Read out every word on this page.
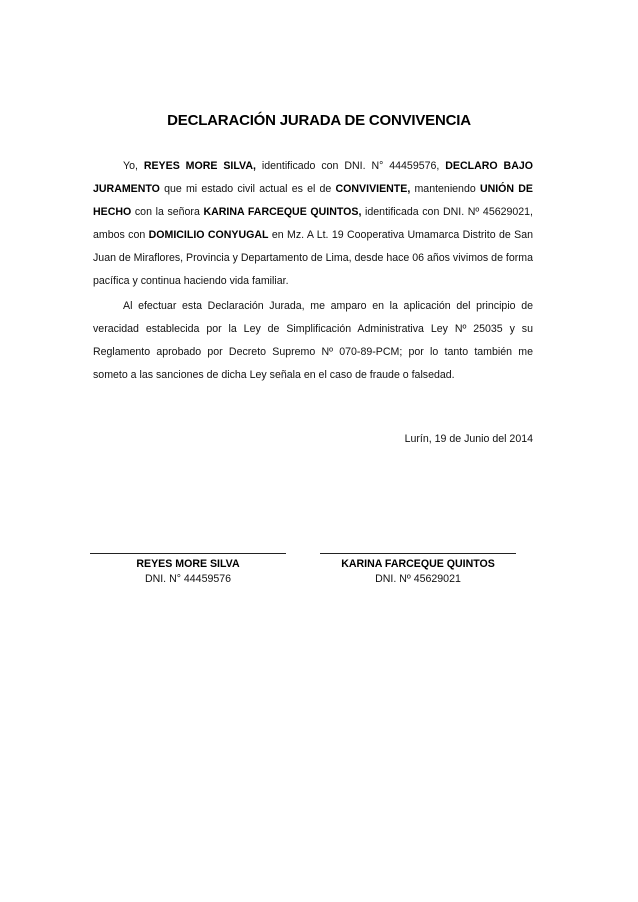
DECLARACIÓN JURADA DE CONVIVENCIA

Yo, REYES MORE SILVA, identificado con DNI. N° 44459576, DECLARO BAJO JURAMENTO que mi estado civil actual es el de CONVIVIENTE, manteniendo UNIÓN DE HECHO con la señora KARINA FARCEQUE QUINTOS, identificada con DNI. Nº 45629021, ambos con DOMICILIO CONYUGAL en Mz. A Lt. 19 Cooperativa Umamarca Distrito de San Juan de Miraflores, Provincia y Departamento de Lima, desde hace 06 años vivimos de forma pacífica y continua haciendo vida familiar.

Al efectuar esta Declaración Jurada, me amparo en la aplicación del principio de veracidad establecida por la Ley de Simplificación Administrativa Ley Nº 25035 y su Reglamento aprobado por Decreto Supremo Nº 070-89-PCM; por lo tanto también me someto a las sanciones de dicha Ley señala en el caso de fraude o falsedad.

Lurín, 19 de Junio del 2014
REYES MORE SILVA
DNI. N° 44459576
KARINA FARCEQUE QUINTOS
DNI. Nº 45629021
